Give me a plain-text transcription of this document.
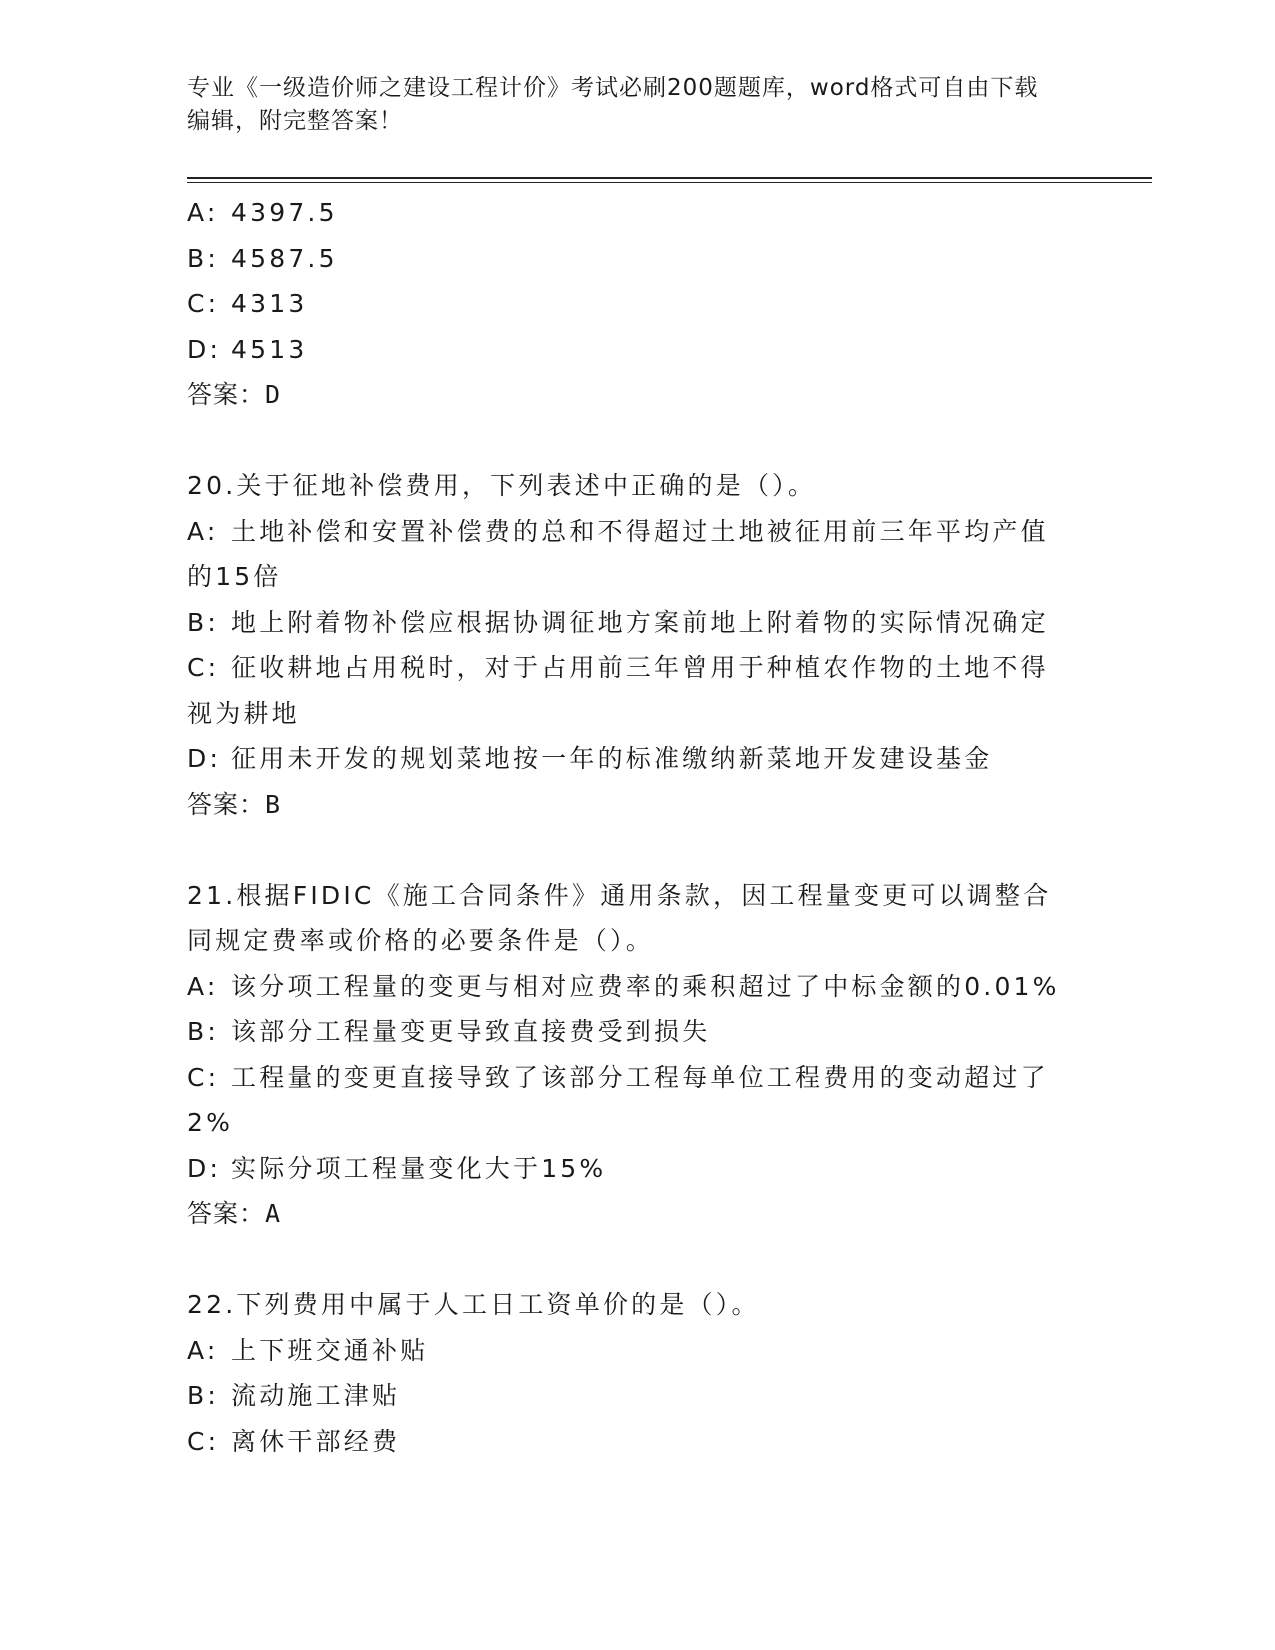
专业《一级造价师之建设工程计价》考试必刷200题题库，word格式可自由下载
编辑，附完整答案！

A: 4397.5

B: 4587.5

C: 4313

D: 4513

答案：D

20.关于征地补偿费用，下列表述中正确的是（）。

A: 土地补偿和安置补偿费的总和不得超过土地被征用前三年平均产值

的15倍

B: 地上附着物补偿应根据协调征地方案前地上附着物的实际情况确定

C: 征收耕地占用税时，对于占用前三年曾用于种植农作物的土地不得

视为耕地

D: 征用未开发的规划菜地按一年的标准缴纳新菜地开发建设基金

答案：B

21.根据FIDIC《施工合同条件》通用条款，因工程量变更可以调整合

同规定费率或价格的必要条件是（）。

A: 该分项工程量的变更与相对应费率的乘积超过了中标金额的0.01%

B: 该部分工程量变更导致直接费受到损失

C: 工程量的变更直接导致了该部分工程每单位工程费用的变动超过了

2%

D: 实际分项工程量变化大于15%

答案：A

22.下列费用中属于人工日工资单价的是（）。

A: 上下班交通补贴

B: 流动施工津贴

C: 离休干部经费
